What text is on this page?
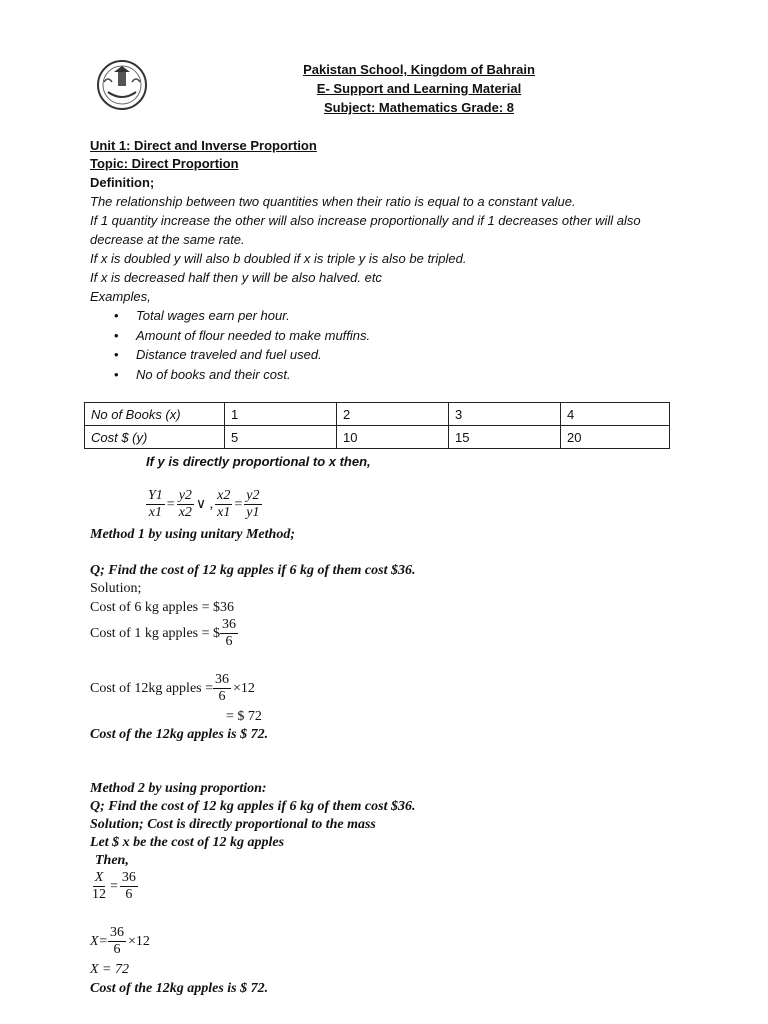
Pakistan School, Kingdom of Bahrain
E- Support and Learning Material
Subject: Mathematics Grade: 8
Unit 1: Direct and Inverse Proportion
Topic: Direct Proportion
Definition;
The relationship between two quantities when their ratio is equal to a constant value.
If 1 quantity increase the other will also increase proportionally and if 1 decreases other will also
decrease at the same rate.
If x is doubled y will also b doubled if x is triple y is also be tripled.
If x is decreased half then y will be also halved. etc
Examples,
• Total wages earn per hour.
• Amount of flour needed to make muffins.
• Distance traveled and fuel used.
• No of books and their cost.
No of Books (x)	1	2	3	4
Cost $ (y)	5	10	15	20
If y is directly proportional to x then,
$\frac{Y1}{x1} = \frac{y2}{x2}$ ∨ , $\frac{x2}{x1} = \frac{y2}{y1}$
Method 1 by using unitary Method;
Q; Find the cost of 12 kg apples if 6 kg of them cost $36.
Solution;
Cost of 6 kg apples = $36
Cost of 1 kg apples = $ $\frac{36}{6}$
Cost of 12kg apples = $\frac{36}{6} \times 12$
= $ 72
Cost of the 12kg apples is $ 72.
Method 2 by using proportion:
Q; Find the cost of 12 kg apples if 6 kg of them cost $36.
Solution; Cost is directly proportional to the mass
Let $ x be the cost of 12 kg apples
Then,
$\frac{X}{12} = \frac{36}{6}$
$X= \frac{36}{6} \times 12$
X = 72
Cost of the 12kg apples is $ 72.
